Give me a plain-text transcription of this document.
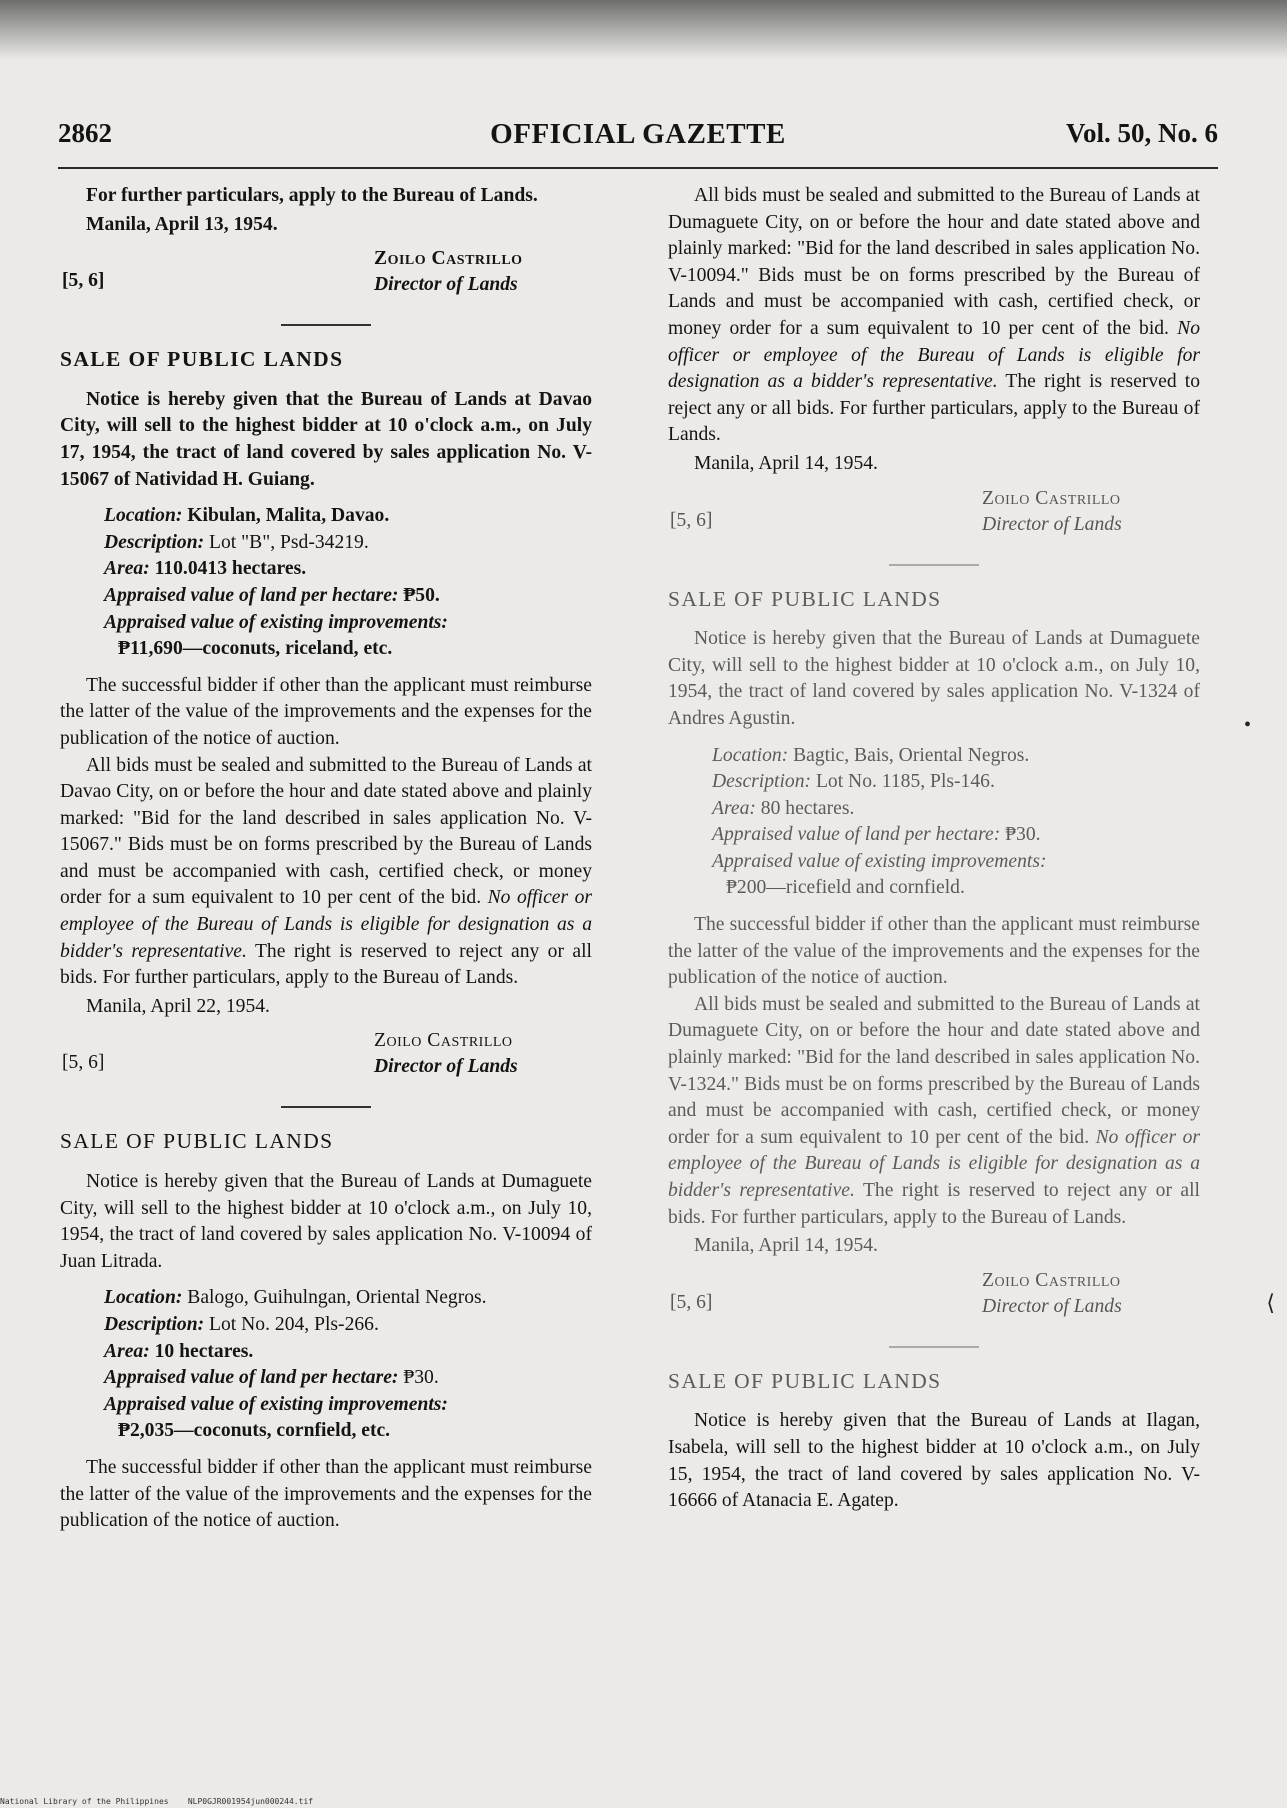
2862	OFFICIAL GAZETTE	Vol. 50, No. 6

For further particulars, apply to the Bureau of Lands.

Manila, April 13, 1954.

[5, 6]
Zoilo Castrillo
Director of Lands

SALE OF PUBLIC LANDS

Notice is hereby given that the Bureau of Lands at Davao City, will sell to the highest bidder at 10 o'clock a.m., on July 17, 1954, the tract of land covered by sales application No. V-15067 of Natividad H. Guiang.

Location: Kibulan, Malita, Davao.
Description: Lot "B", Psd-34219.
Area: 110.0413 hectares.
Appraised value of land per hectare: ₱50.
Appraised value of existing improvements:
₱11,690—coconuts, riceland, etc.

The successful bidder if other than the applicant must reimburse the latter of the value of the improvements and the expenses for the publication of the notice of auction.

All bids must be sealed and submitted to the Bureau of Lands at Davao City, on or before the hour and date stated above and plainly marked: "Bid for the land described in sales application No. V-15067." Bids must be on forms prescribed by the Bureau of Lands and must be accompanied with cash, certified check, or money order for a sum equivalent to 10 per cent of the bid. No officer or employee of the Bureau of Lands is eligible for designation as a bidder's representative. The right is reserved to reject any or all bids. For further particulars, apply to the Bureau of Lands.

Manila, April 22, 1954.

[5, 6]
Zoilo Castrillo
Director of Lands

SALE OF PUBLIC LANDS

Notice is hereby given that the Bureau of Lands at Dumaguete City, will sell to the highest bidder at 10 o'clock a.m., on July 10, 1954, the tract of land covered by sales application No. V-10094 of Juan Litrada.

Location: Balogo, Guihulngan, Oriental Negros.
Description: Lot No. 204, Pls-266.
Area: 10 hectares.
Appraised value of land per hectare: ₱30.
Appraised value of existing improvements:
₱2,035—coconuts, cornfield, etc.

The successful bidder if other than the applicant must reimburse the latter of the value of the improvements and the expenses for the publication of the notice of auction.

All bids must be sealed and submitted to the Bureau of Lands at Dumaguete City, on or before the hour and date stated above and plainly marked: "Bid for the land described in sales application No. V-10094." Bids must be on forms prescribed by the Bureau of Lands and must be accompanied with cash, certified check, or money order for a sum equivalent to 10 per cent of the bid. No officer or employee of the Bureau of Lands is eligible for designation as a bidder's representative. The right is reserved to reject any or all bids. For further particulars, apply to the Bureau of Lands.

Manila, April 14, 1954.

[5, 6]
Zoilo Castrillo
Director of Lands

SALE OF PUBLIC LANDS

Notice is hereby given that the Bureau of Lands at Dumaguete City, will sell to the highest bidder at 10 o'clock a.m., on July 10, 1954, the tract of land covered by sales application No. V-1324 of Andres Agustin.

Location: Bagtic, Bais, Oriental Negros.
Description: Lot No. 1185, Pls-146.
Area: 80 hectares.
Appraised value of land per hectare: ₱30.
Appraised value of existing improvements:
₱200—ricefield and cornfield.

The successful bidder if other than the applicant must reimburse the latter of the value of the improvements and the expenses for the publication of the notice of auction.

All bids must be sealed and submitted to the Bureau of Lands at Dumaguete City, on or before the hour and date stated above and plainly marked: "Bid for the land described in sales application No. V-1324." Bids must be on forms prescribed by the Bureau of Lands and must be accompanied with cash, certified check, or money order for a sum equivalent to 10 per cent of the bid. No officer or employee of the Bureau of Lands is eligible for designation as a bidder's representative. The right is reserved to reject any or all bids. For further particulars, apply to the Bureau of Lands.

Manila, April 14, 1954.

[5, 6]
Zoilo Castrillo
Director of Lands

SALE OF PUBLIC LANDS

Notice is hereby given that the Bureau of Lands at Ilagan, Isabela, will sell to the highest bidder at 10 o'clock a.m., on July 15, 1954, the tract of land covered by sales application No. V-16666 of Atanacia E. Agatep.

•
⟨
National Library of the Philippines NLP0GJR001954jun000244.tif
